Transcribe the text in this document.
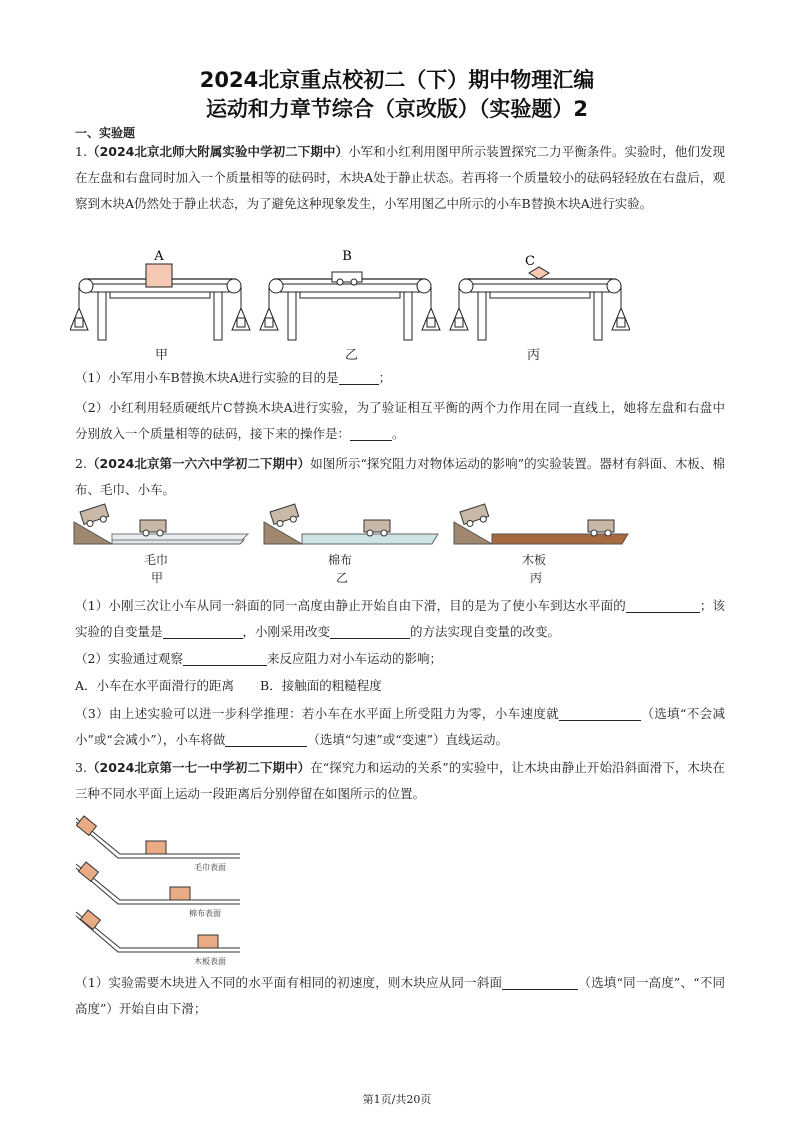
2024北京重点校初二（下）期中物理汇编
运动和力章节综合（京改版）（实验题）2
一、实验题
1.（2024北京北师大附属实验中学初二下期中）小军和小红利用图甲所示装置探究二力平衡条件。实验时，他们发现在左盘和右盘同时加入一个质量相等的砝码时，木块A处于静止状态。若再将一个质量较小的砝码轻轻放在右盘后，观察到木块A仍然处于静止状态，为了避免这种现象发生，小军用图乙中所示的小车B替换木块A进行实验。
A	B	C
甲	乙	丙
（1）小军用小车B替换木块A进行实验的目的是	；
（2）小红利用轻质硬纸片C替换木块A进行实验，为了验证相互平衡的两个力作用在同一直线上，她将左盘和右盘中分别放入一个质量相等的砝码，接下来的操作是：	。
2.（2024北京第一六六中学初二下期中）如图所示“探究阻力对物体运动的影响”的实验装置。器材有斜面、木板、棉布、毛巾、小车。
毛巾	棉布	木板
甲	乙	丙
（1）小刚三次让小车从同一斜面的同一高度由静止开始自由下滑，目的是为了使小车到达水平面的	；该实验的自变量是	，小刚采用改变	的方法实现自变量的改变。
（2）实验通过观察	来反应阻力对小车运动的影响；
A．小车在水平面滑行的距离 B．接触面的粗糙程度
（3）由上述实验可以进一步科学推理：若小车在水平面上所受阻力为零，小车速度就	（选填“不会减小”或“会减小”），小车将做	（选填“匀速”或“变速”）直线运动。
3.（2024北京第一七一中学初二下期中）在“探究力和运动的关系”的实验中，让木块由静止开始沿斜面滑下，木块在三种不同水平面上运动一段距离后分别停留在如图所示的位置。
毛巾表面
棉布表面
木板表面
（1）实验需要木块进入不同的水平面有相同的初速度，则木块应从同一斜面	（选填“同一高度”、“不同高度”）开始自由下滑；
第1页/共20页
